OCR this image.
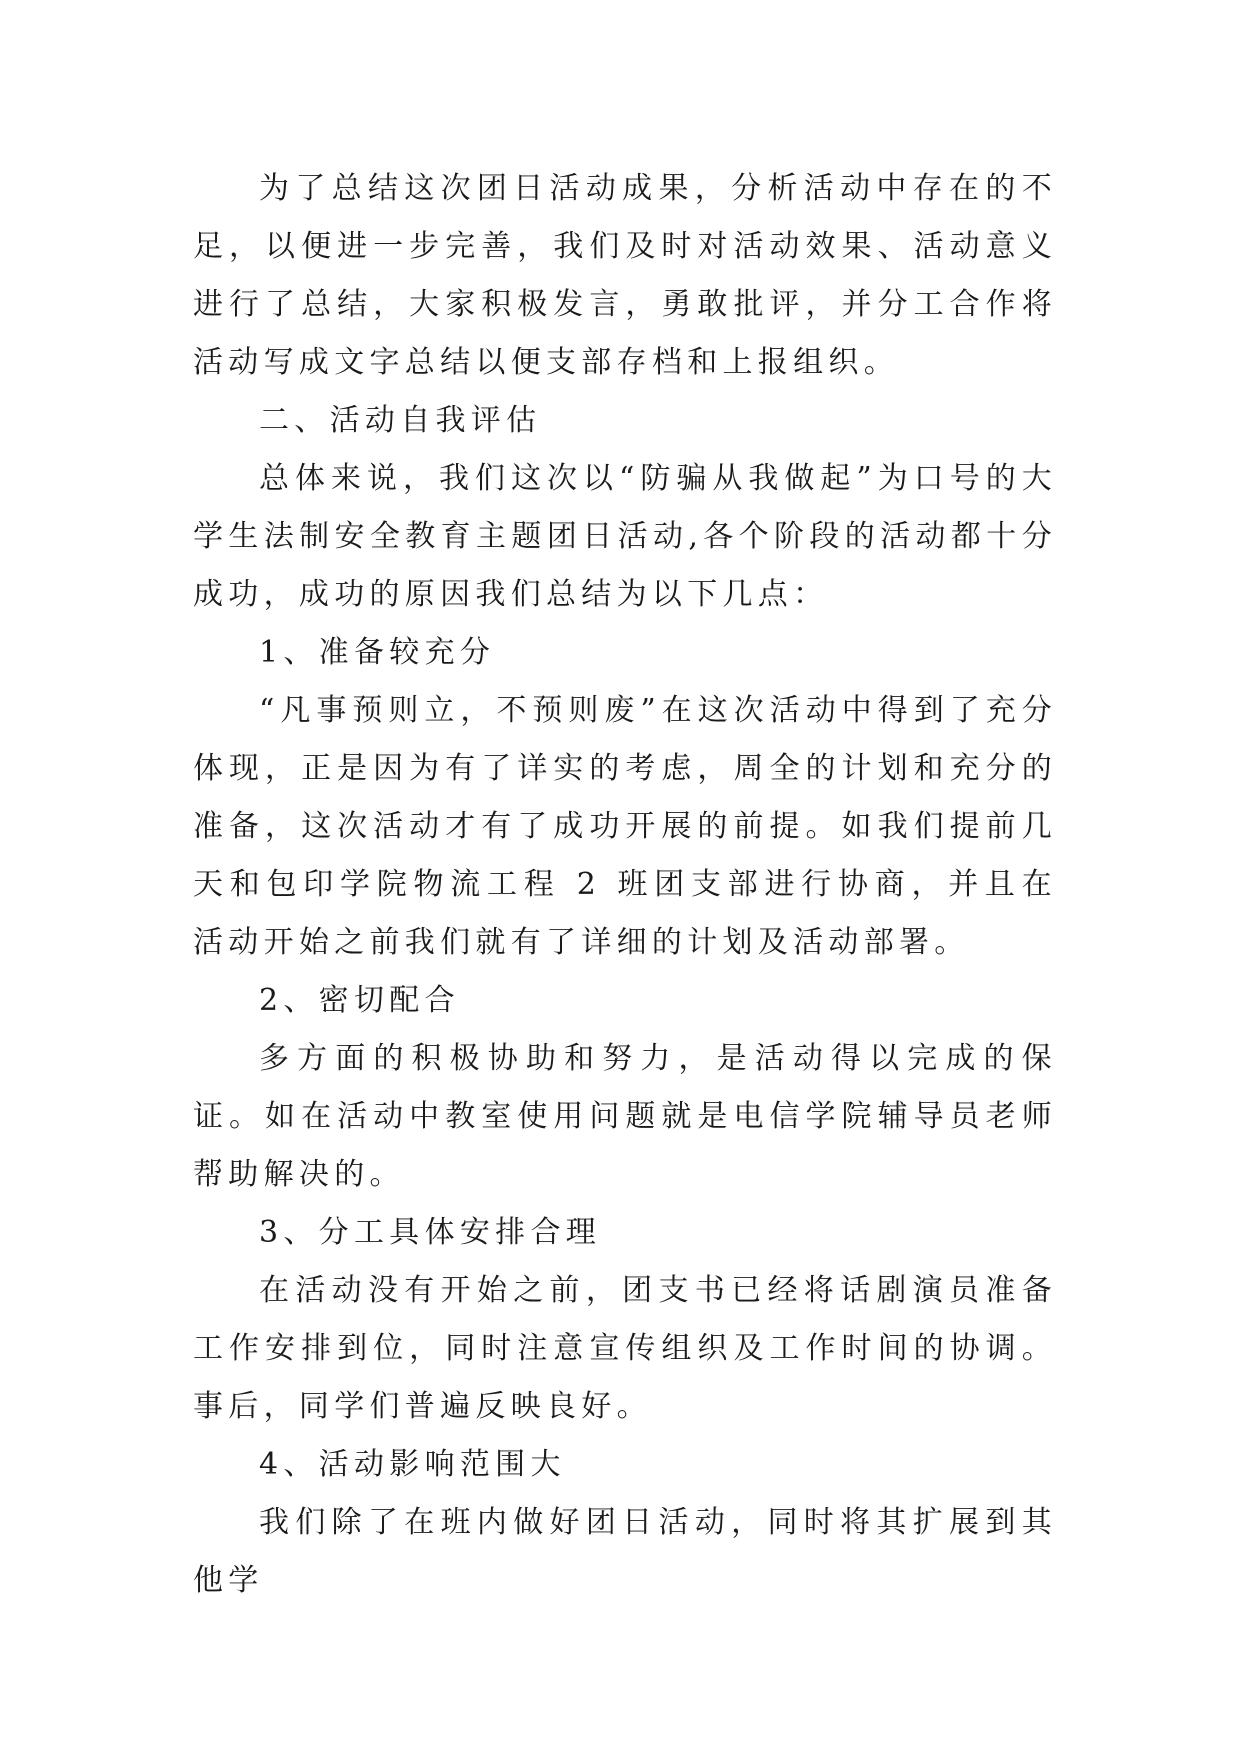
为了总结这次团日活动成果，分析活动中存在的不足，以便进一步完善，我们及时对活动效果、活动意义进行了总结，大家积极发言，勇敢批评，并分工合作将活动写成文字总结以便支部存档和上报组织。

二、活动自我评估

总体来说，我们这次以“防骗从我做起”为口号的大学生法制安全教育主题团日活动,各个阶段的活动都十分成功，成功的原因我们总结为以下几点：

1、准备较充分

“凡事预则立，不预则废”在这次活动中得到了充分体现，正是因为有了详实的考虑，周全的计划和充分的准备，这次活动才有了成功开展的前提。如我们提前几天和包印学院物流工程 2 班团支部进行协商，并且在活动开始之前我们就有了详细的计划及活动部署。

2、密切配合

多方面的积极协助和努力，是活动得以完成的保证。如在活动中教室使用问题就是电信学院辅导员老师帮助解决的。

3、分工具体安排合理

在活动没有开始之前，团支书已经将话剧演员准备工作安排到位，同时注意宣传组织及工作时间的协调。事后，同学们普遍反映良好。

4、活动影响范围大

我们除了在班内做好团日活动，同时将其扩展到其他学
